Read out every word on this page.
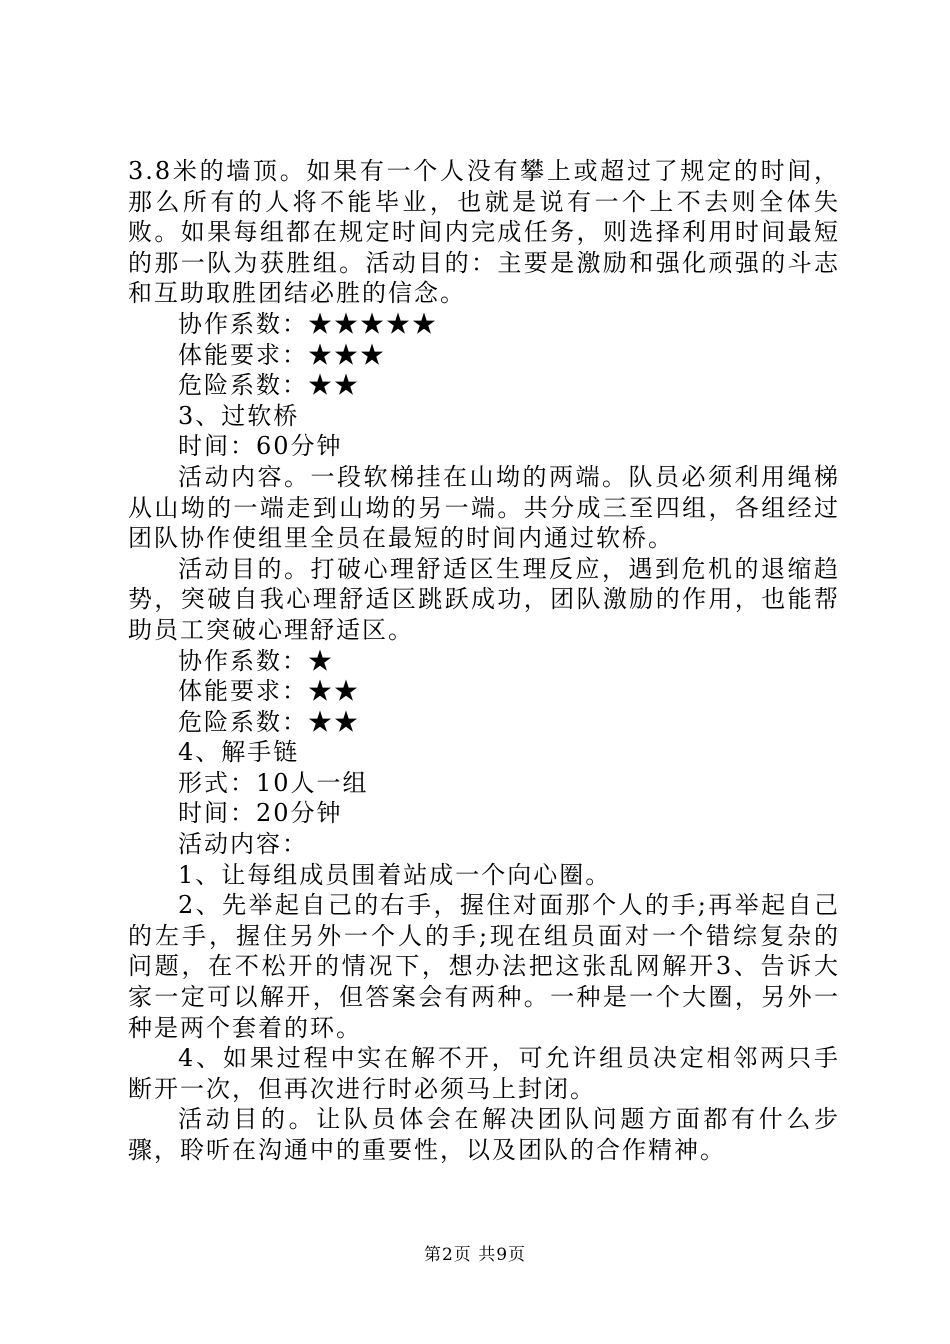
3.8米的墙顶。如果有一个人没有攀上或超过了规定的时间，那么所有的人将不能毕业，也就是说有一个上不去则全体失败。如果每组都在规定时间内完成任务，则选择利用时间最短的那一队为获胜组。活动目的：主要是激励和强化顽强的斗志和互助取胜团结必胜的信念。

协作系数：★★★★★

体能要求：★★★

危险系数：★★

3、过软桥

时间：60分钟

活动内容。一段软梯挂在山坳的两端。队员必须利用绳梯从山坳的一端走到山坳的另一端。共分成三至四组，各组经过团队协作使组里全员在最短的时间内通过软桥。

活动目的。打破心理舒适区生理反应，遇到危机的退缩趋势，突破自我心理舒适区跳跃成功，团队激励的作用，也能帮助员工突破心理舒适区。

协作系数：★

体能要求：★★

危险系数：★★

4、解手链

形式：10人一组

时间：20分钟

活动内容：

1、让每组成员围着站成一个向心圈。

2、先举起自己的右手，握住对面那个人的手;再举起自己的左手，握住另外一个人的手;现在组员面对一个错综复杂的问题，在不松开的情况下，想办法把这张乱网解开3、告诉大家一定可以解开，但答案会有两种。一种是一个大圈，另外一种是两个套着的环。

4、如果过程中实在解不开，可允许组员决定相邻两只手断开一次，但再次进行时必须马上封闭。

活动目的。让队员体会在解决团队问题方面都有什么步骤，聆听在沟通中的重要性，以及团队的合作精神。

第2页 共9页
